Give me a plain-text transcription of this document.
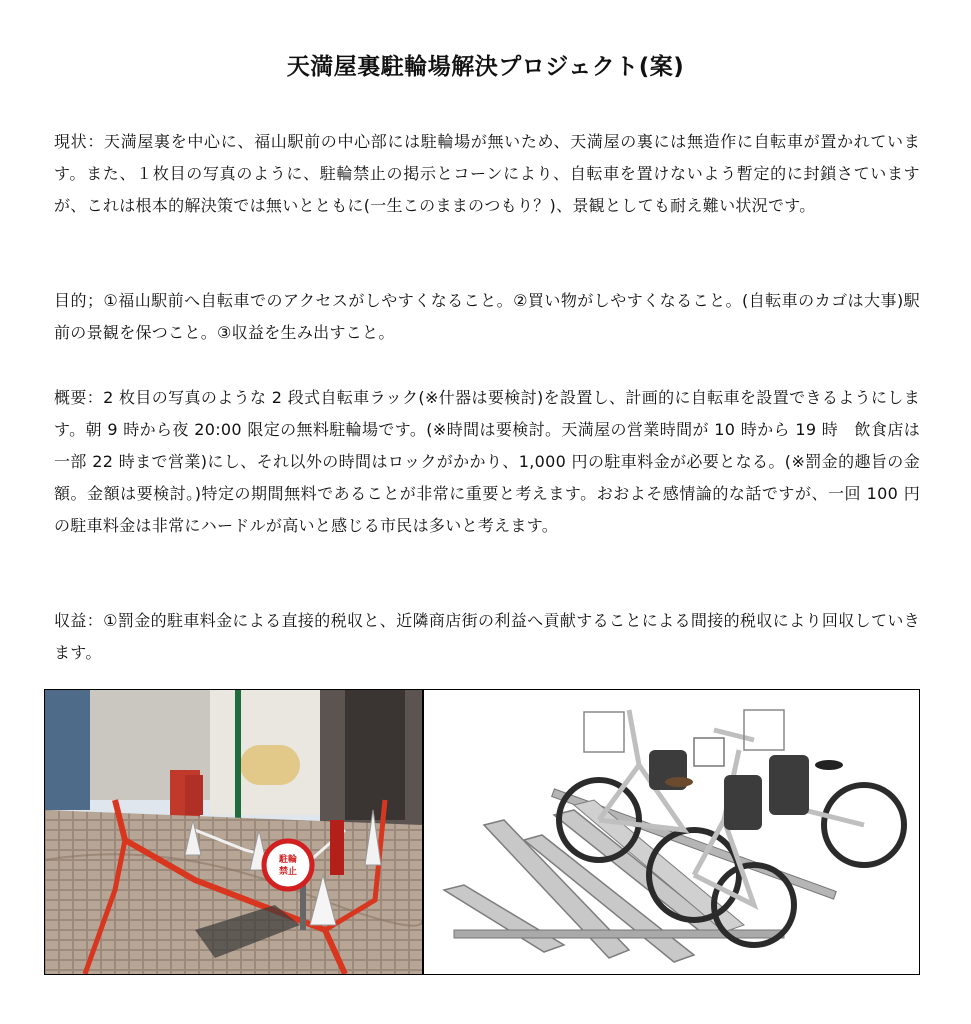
天満屋裏駐輪場解決プロジェクト(案)

現状：天満屋裏を中心に、福山駅前の中心部には駐輪場が無いため、天満屋の裏には無造作に自転車が置かれています。また、１枚目の写真のように、駐輪禁止の掲示とコーンにより、自転車を置けないよう暫定的に封鎖さていますが、これは根本的解決策では無いとともに(一生このままのつもり？)、景観としても耐え難い状況です。

目的；①福山駅前へ自転車でのアクセスがしやすくなること。②買い物がしやすくなること。(自転車のカゴは大事)駅前の景観を保つこと。③収益を生み出すこと。

概要：2 枚目の写真のような 2 段式自転車ラック(※什器は要検討)を設置し、計画的に自転車を設置できるようにします。朝 9 時から夜 20:00 限定の無料駐輪場です。(※時間は要検討。天満屋の営業時間が 10 時から 19 時　飲食店は一部 22 時まで営業)にし、それ以外の時間はロックがかかり、1,000 円の駐車料金が必要となる。(※罰金的趣旨の金額。金額は要検討。)特定の期間無料であることが非常に重要と考えます。おおよそ感情論的な話ですが、一回 100 円の駐車料金は非常にハードルが高いと感じる市民は多いと考えます。

収益：①罰金的駐車料金による直接的税収と、近隣商店街の利益へ貢献することによる間接的税収により回収していきます。

駐輪
禁止
